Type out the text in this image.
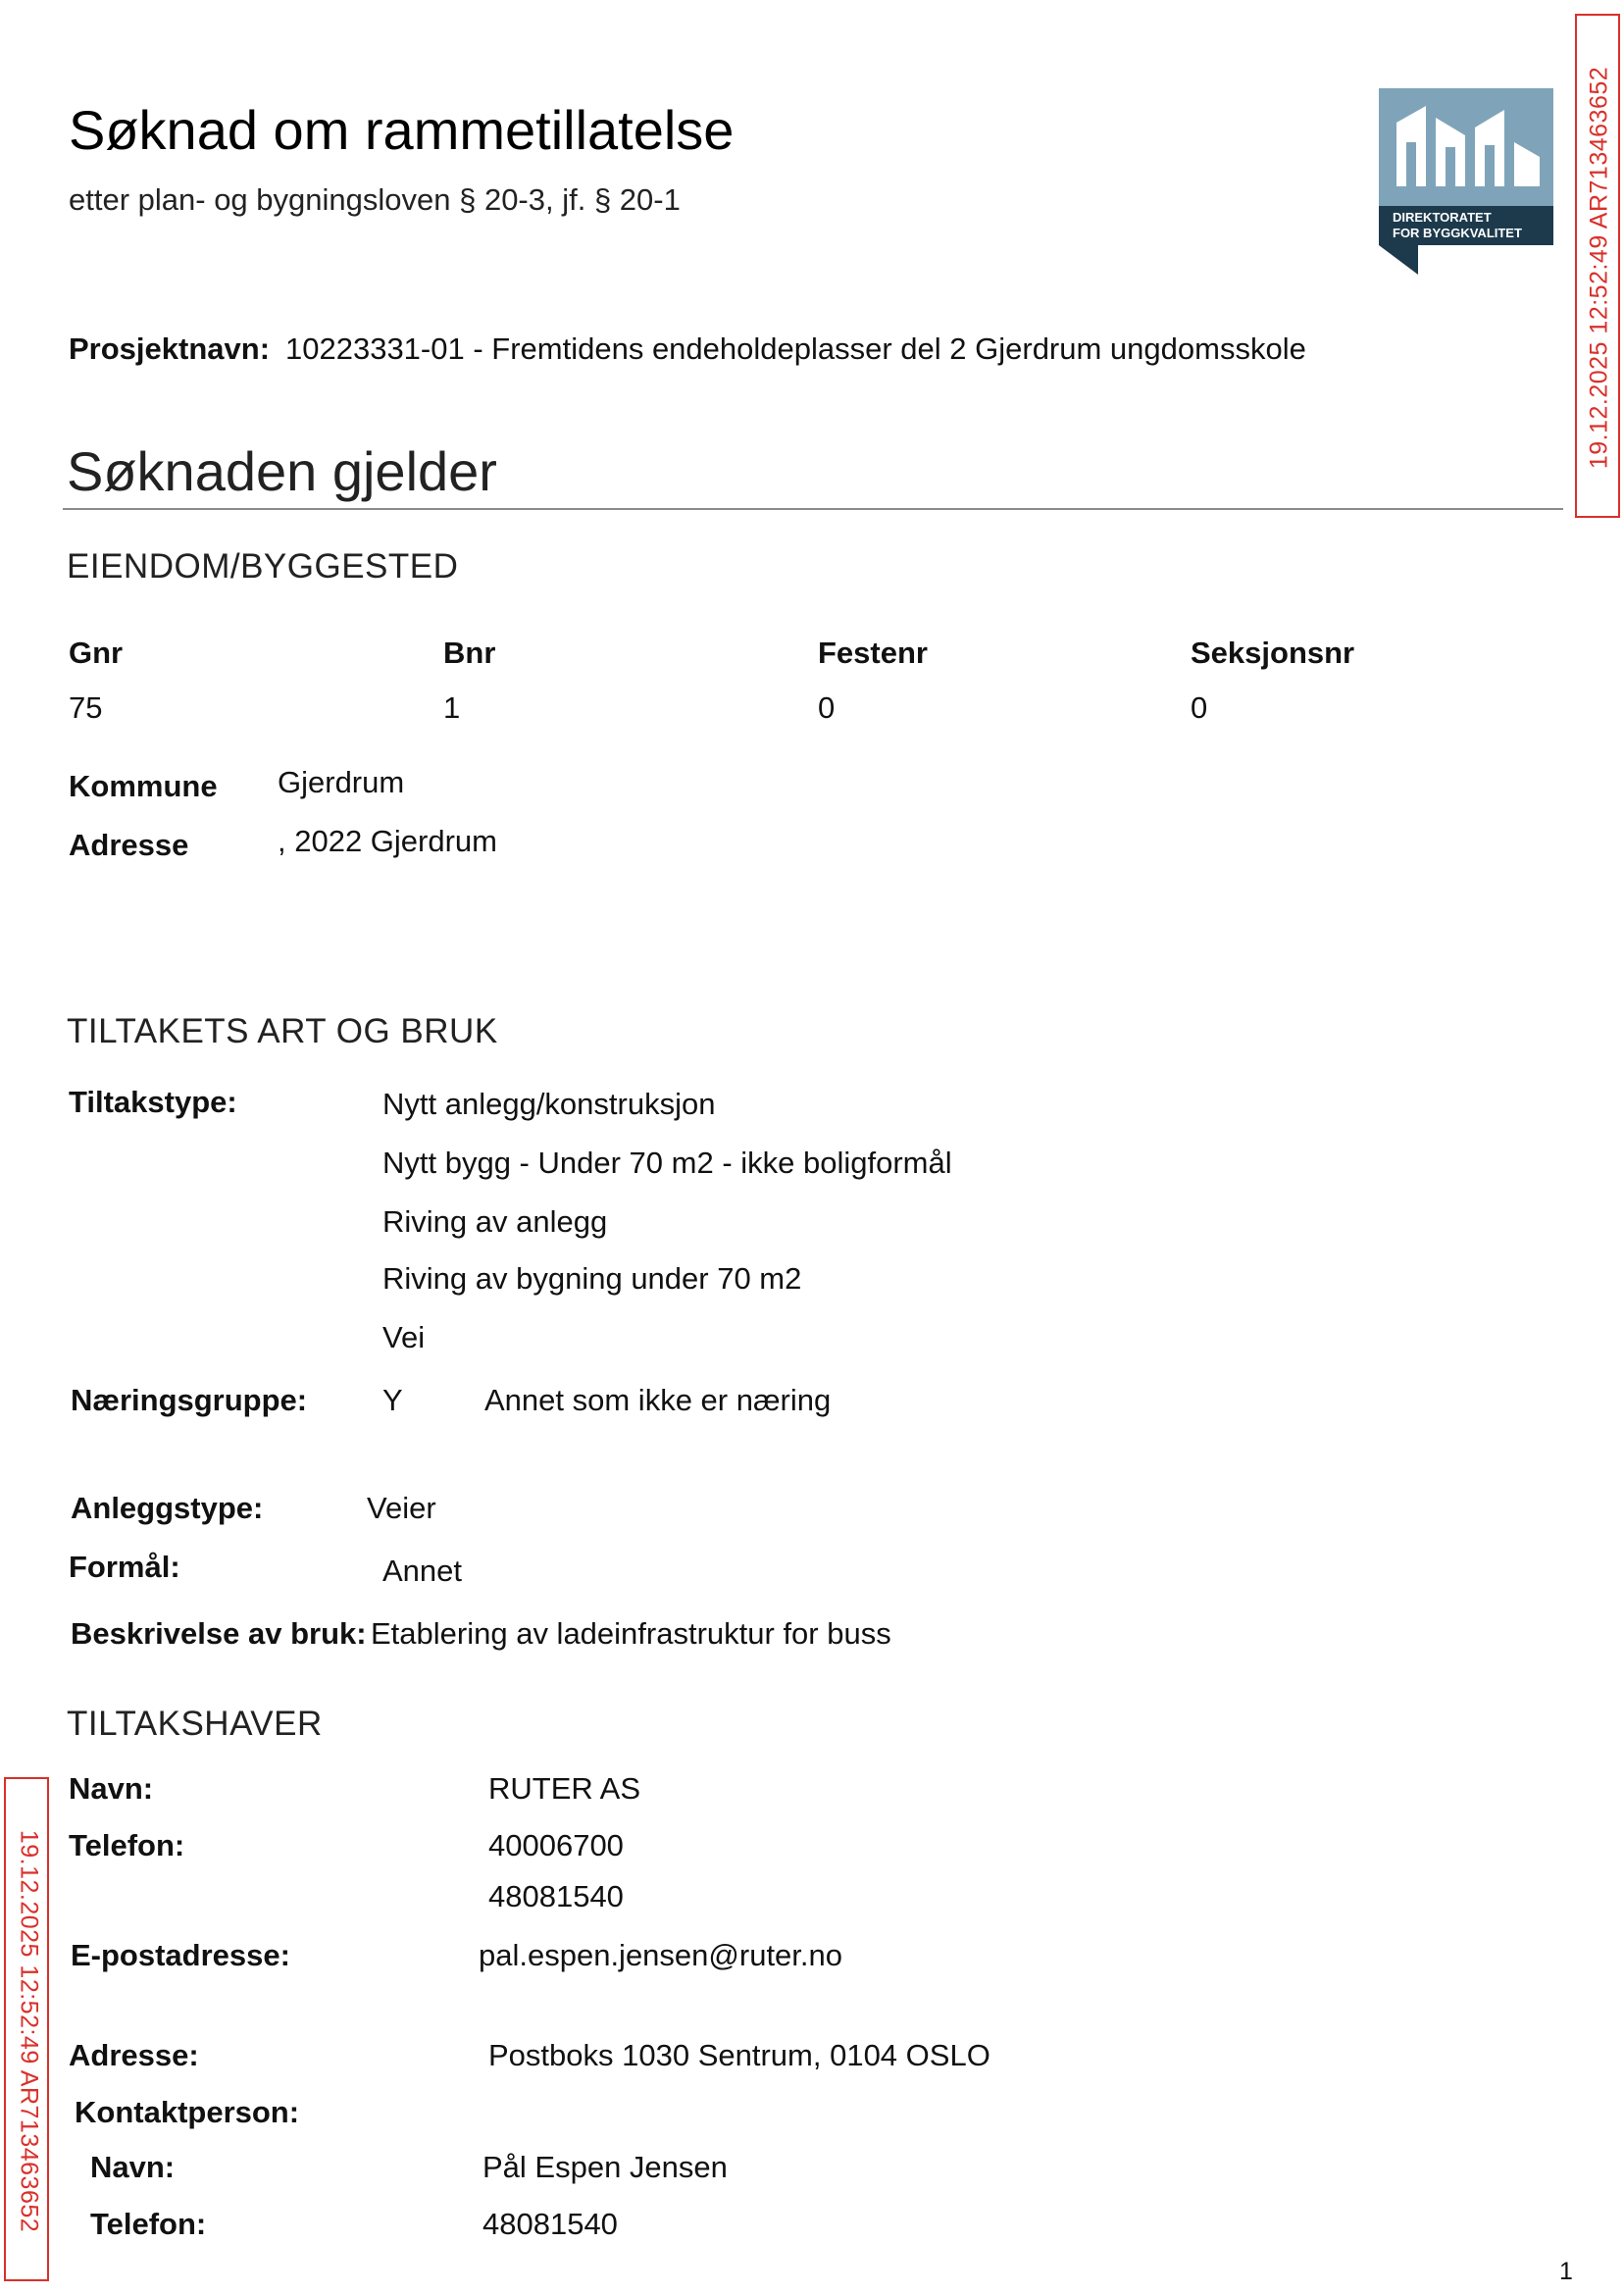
Søknad om rammetillatelse
etter plan- og bygningsloven § 20-3, jf. § 20-1
DIREKTORATET
FOR BYGGKVALITET
Prosjektnavn: 10223331-01 - Fremtidens endeholdeplasser del 2 Gjerdrum ungdomsskole
Søknaden gjelder
EIENDOM/BYGGESTED
Gnr	Bnr	Festenr	Seksjonsnr
75	1	0	0
Kommune Gjerdrum
Adresse	, 2022 Gjerdrum
TILTAKETS ART OG BRUK
Tiltakstype:	Nytt anlegg/konstruksjon
Nytt bygg - Under 70 m2 - ikke boligformål
Riving av anlegg
Riving av bygning under 70 m2
Vei
Næringsgruppe: Y	Annet som ikke er næring
Anleggstype:	Veier
Formål:	Annet
Beskrivelse av bruk: Etablering av ladeinfrastruktur for buss
TILTAKSHAVER
Navn:	RUTER AS
Telefon:	40006700
48081540
E-postadresse:	pal.espen.jensen@ruter.no
Adresse:	Postboks 1030 Sentrum, 0104 OSLO
Kontaktperson:
Navn:	Pål Espen Jensen
Telefon:	48081540
19.12.2025 12:52:49 AR713463652
19.12.2025 12:52:49 AR713463652
1
